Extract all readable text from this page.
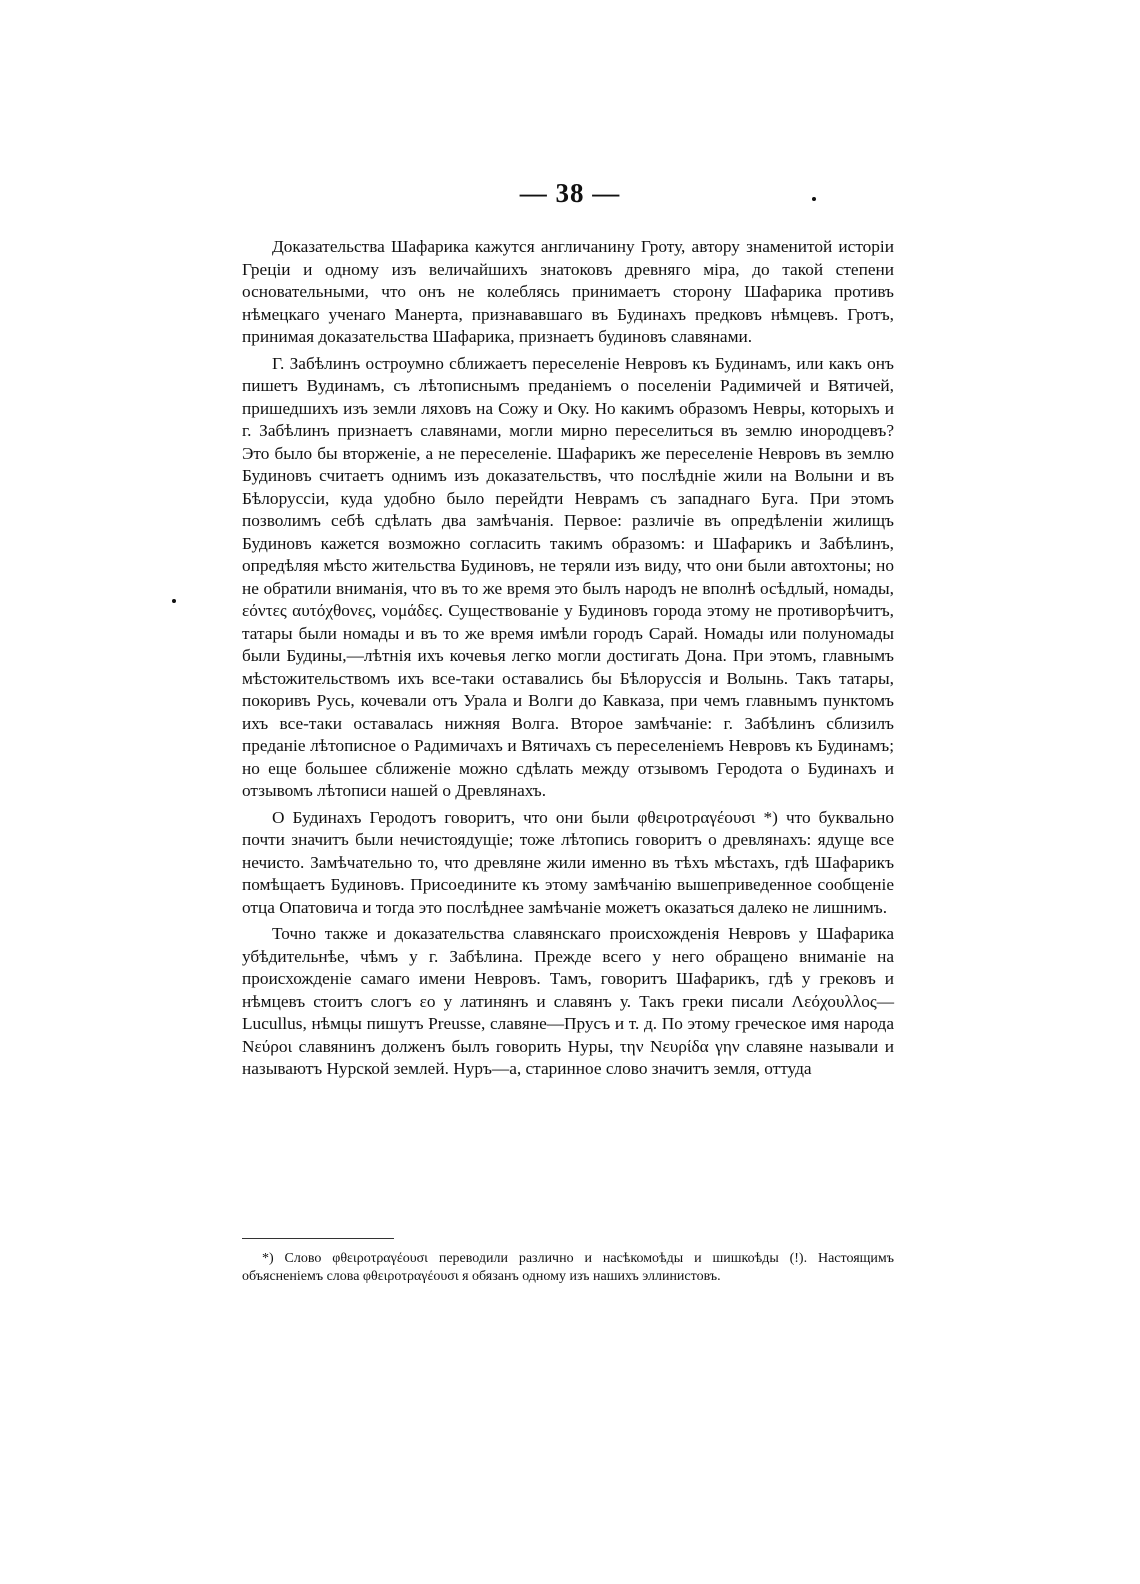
— 38 —

Доказательства Шафарика кажутся англичанину Гроту, автору знаменитой исторіи Греціи и одному изъ величайшихъ знатоковъ древняго міра, до такой степени основательными, что онъ не колеблясь принимаетъ сторону Шафарика противъ нѣмецкаго ученаго Манерта, признававшаго въ Будинахъ предковъ нѣмцевъ. Гротъ, принимая доказательства Шафарика, признаетъ будиновъ славянами.

Г. Забѣлинъ остроумно сближаетъ переселеніе Невровъ къ Будинамъ, или какъ онъ пишетъ Вудинамъ, съ лѣтописнымъ преданіемъ о поселеніи Радимичей и Вятичей, пришедшихъ изъ земли ляховъ на Сожу и Оку. Но какимъ образомъ Невры, которыхъ и г. Забѣлинъ признаетъ славянами, могли мирно переселиться въ землю инородцевъ? Это было бы вторженіе, а не переселеніе. Шафарикъ же переселеніе Невровъ въ землю Будиновъ считаетъ однимъ изъ доказательствъ, что послѣдніе жили на Волыни и въ Бѣлоруссіи, куда удобно было перейдти Неврамъ съ западнаго Буга. При этомъ позволимъ себѣ сдѣлать два замѣчанія. Первое: различіе въ опредѣленіи жилищъ Будиновъ кажется возможно согласить такимъ образомъ: и Шафарикъ и Забѣлинъ, опредѣляя мѣсто жительства Будиновъ, не теряли изъ виду, что они были автохтоны; но не обратили вниманія, что въ то же время это былъ народъ не вполнѣ осѣдлый, номады, εόντες αυτόχθονες, νομάδες. Существованіе у Будиновъ города этому не противорѣчитъ, татары были номады и въ то же время имѣли городъ Сарай. Номады или полуномады были Будины,—лѣтнія ихъ кочевья легко могли достигать Дона. При этомъ, главнымъ мѣстожительствомъ ихъ все-таки оставались бы Бѣлоруссія и Волынь. Такъ татары, покоривъ Русь, кочевали отъ Урала и Волги до Кавказа, при чемъ главнымъ пунктомъ ихъ все-таки оставалась нижняя Волга. Второе замѣчаніе: г. Забѣлинъ сблизилъ преданіе лѣтописное о Радимичахъ и Вятичахъ съ переселеніемъ Невровъ къ Будинамъ; но еще большее сближеніе можно сдѣлать между отзывомъ Геродота о Будинахъ и отзывомъ лѣтописи нашей о Древлянахъ.

О Будинахъ Геродотъ говоритъ, что они были φθειροτραγέουσι *) что буквально почти значитъ были нечистоядущіе; тоже лѣтопись говоритъ о древлянахъ: ядуще все нечисто. Замѣчательно то, что древляне жили именно въ тѣхъ мѣстахъ, гдѣ Шафарикъ помѣщаетъ Будиновъ. Присоедините къ этому замѣчанію вышеприведенное сообщеніе отца Опатовича и тогда это послѣднее замѣчаніе можетъ оказаться далеко не лишнимъ.

Точно также и доказательства славянскаго происхожденія Невровъ у Шафарика убѣдительнѣе, чѣмъ у г. Забѣлина. Прежде всего у него обращено вниманіе на происхожденіе самаго имени Невровъ. Тамъ, говоритъ Шафарикъ, гдѣ у грековъ и нѣмцевъ стоитъ слогъ εο у латинянъ и славянъ у. Такъ греки писали Λεόχουλλος—Lucullus, нѣмцы пишутъ Preusse, славяне—Прусъ и т. д. По этому греческое имя народа Νεύροι славянинъ долженъ былъ говорить Нуры, την Νευρίδα γην славяне называли и называютъ Нурской землей. Нуръ—а, старинное слово значитъ земля, оттуда

*) Слово φθειροτραγέουσι переводили различно и насѣкомоѣды и шишкоѣды (!). Настоящимъ объясненіемъ слова φθειροτραγέουσι я обязанъ одному изъ нашихъ эллинистовъ.
